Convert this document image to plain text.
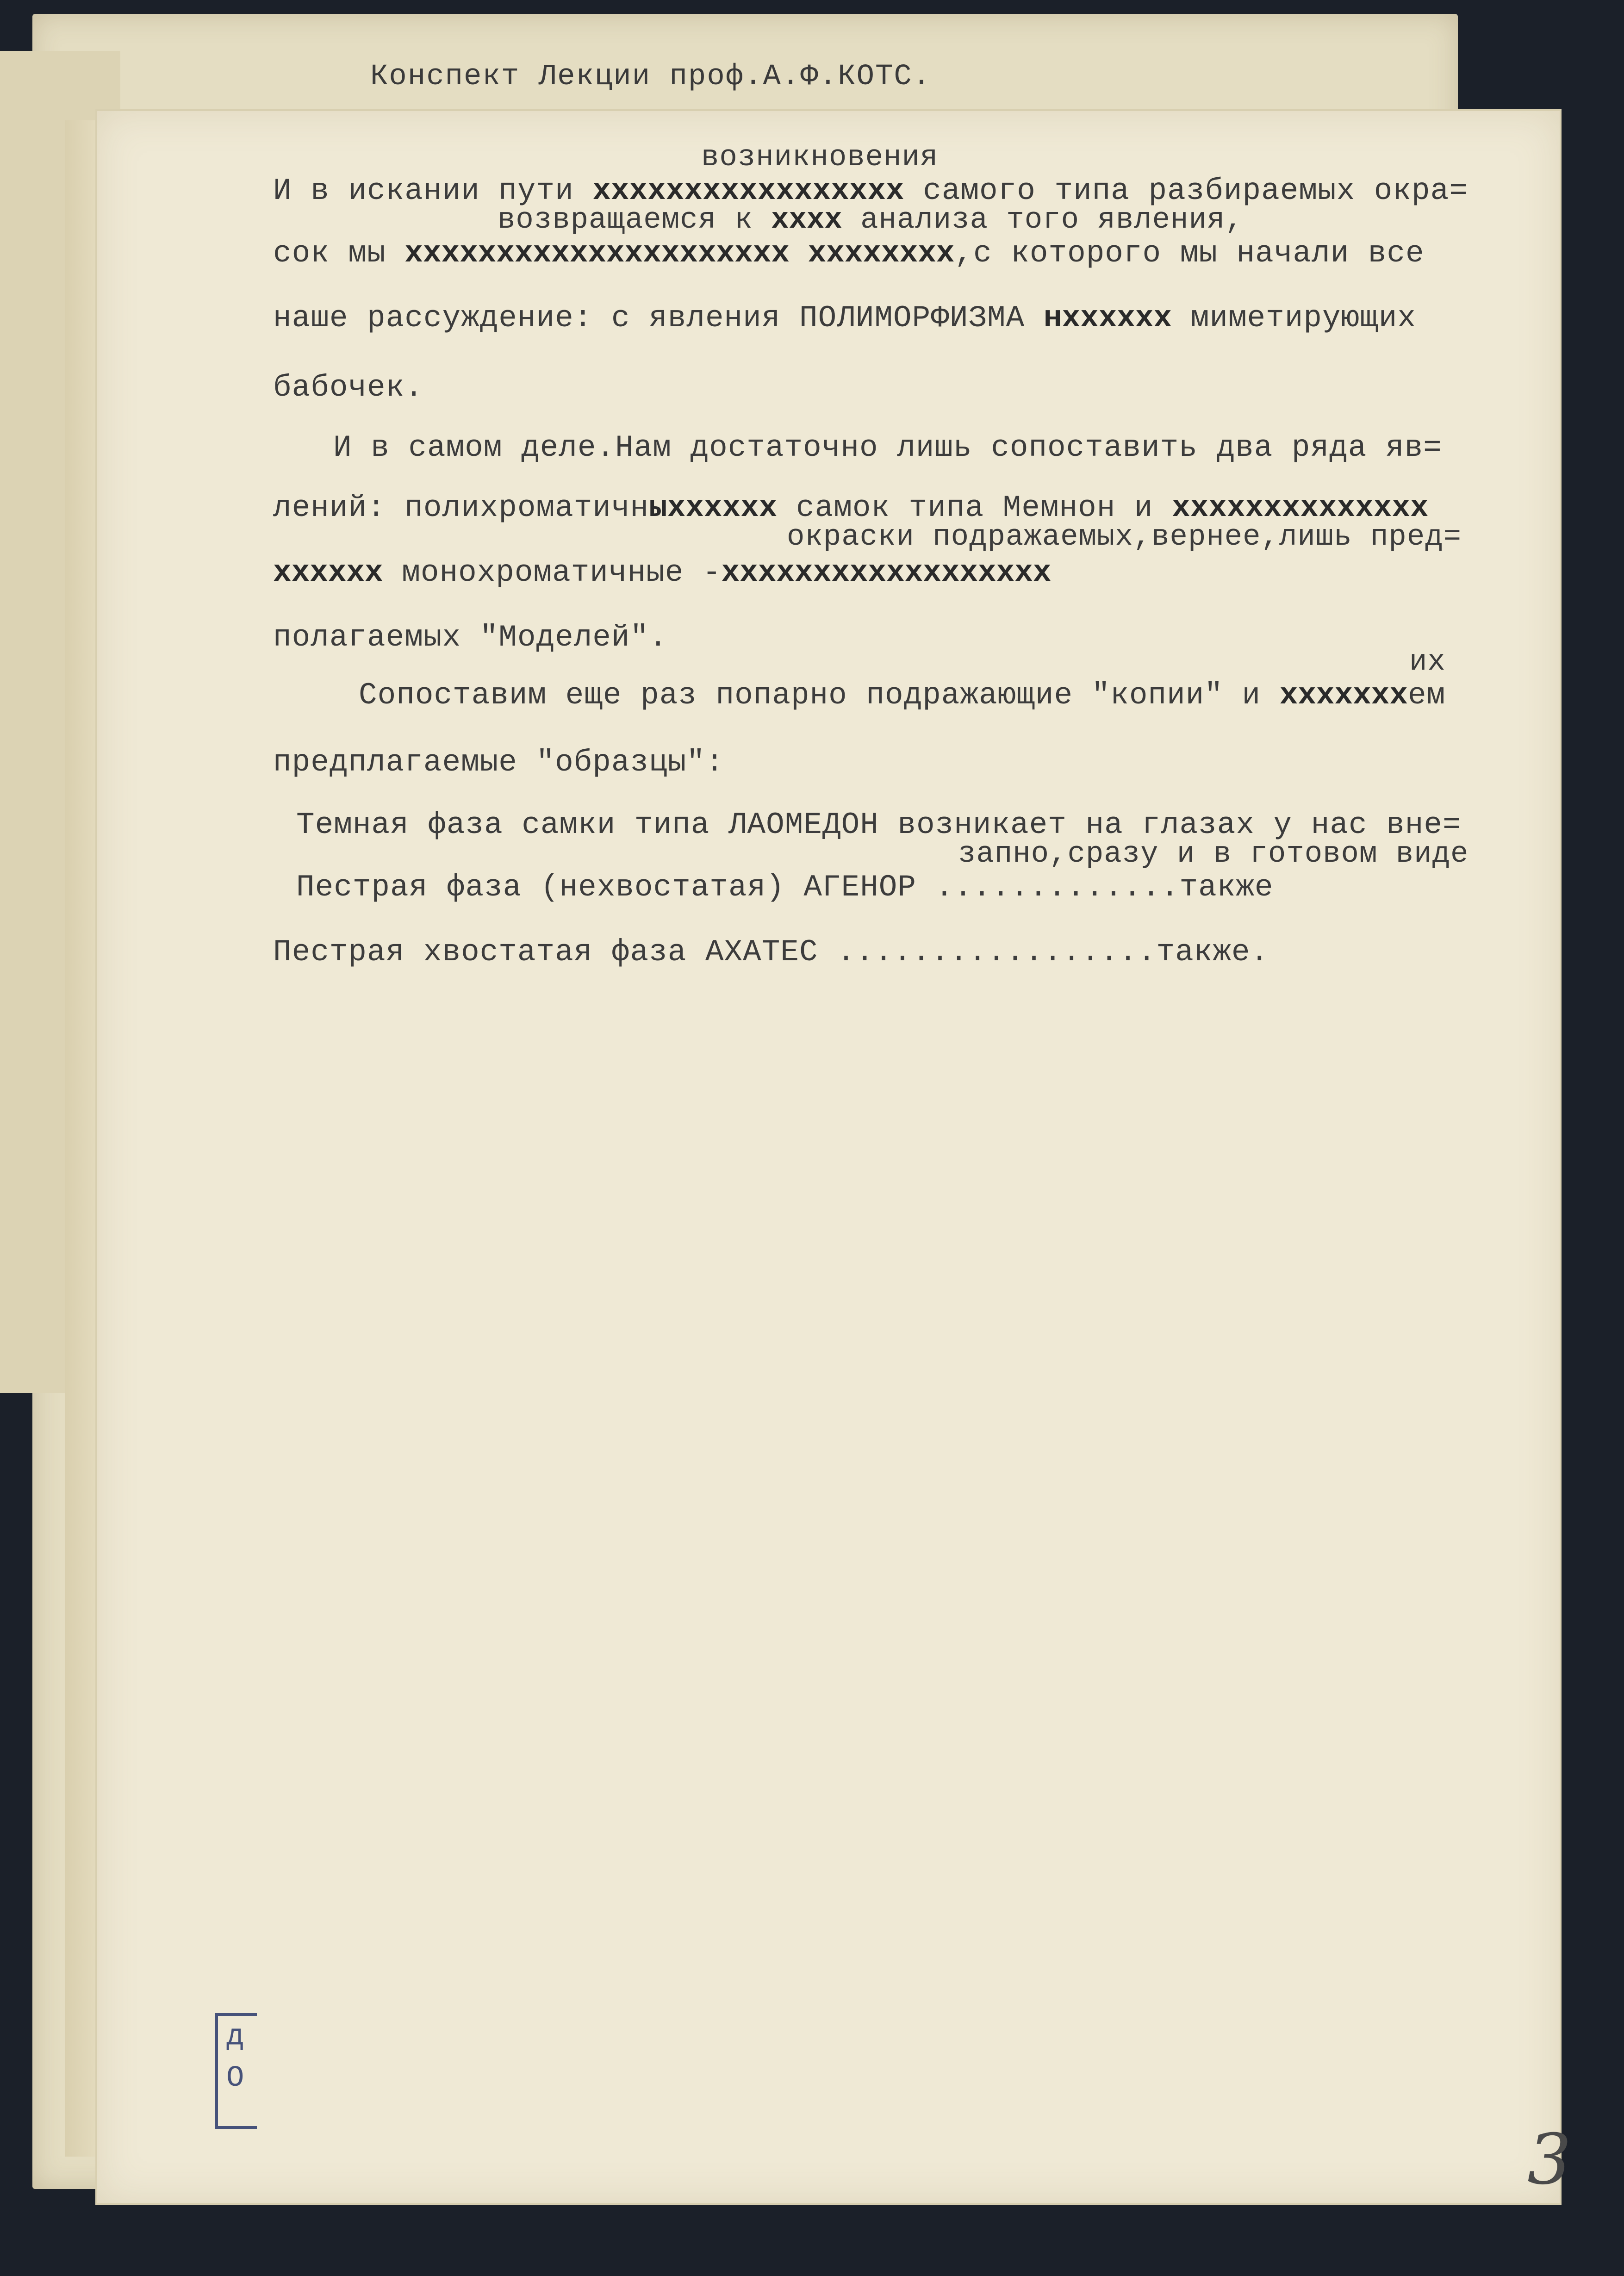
Конспект Лекции проф.А.Ф.КОТС.
возникновения
И в искании пути ххххххххххххххххх самого типа разбираемых окра=
возвращаемся к хххх анализа того явления,
сок мы ххххххххххххххххххххх хххххххх,с которого мы начали все
наше рассуждение: с явления ПОЛИМОРФИЗМА нхххххх миметирующих
бабочек.
И в самом деле.Нам достаточно лишь сопоставить два ряда яв=
лений: полихроматичныхххххх самок типа Мемнон и хххххххххххххх
окраски подражаемых,вернее,лишь пред=
хххххх монохроматичные -хххххххххххххххххх
полагаемых "Моделей".
их
Сопоставим еще раз попарно подражающие "копии" и хххххххем
предплагаемые "образцы":
Темная фаза самки типа ЛАОМЕДОН возникает на глазах у нас вне=
запно,сразу и в готовом виде
Пестрая фаза (нехвостатая) АГЕНОР .............также
Пестрая хвостатая фаза АХАТЕС .................также.
д
О
3
